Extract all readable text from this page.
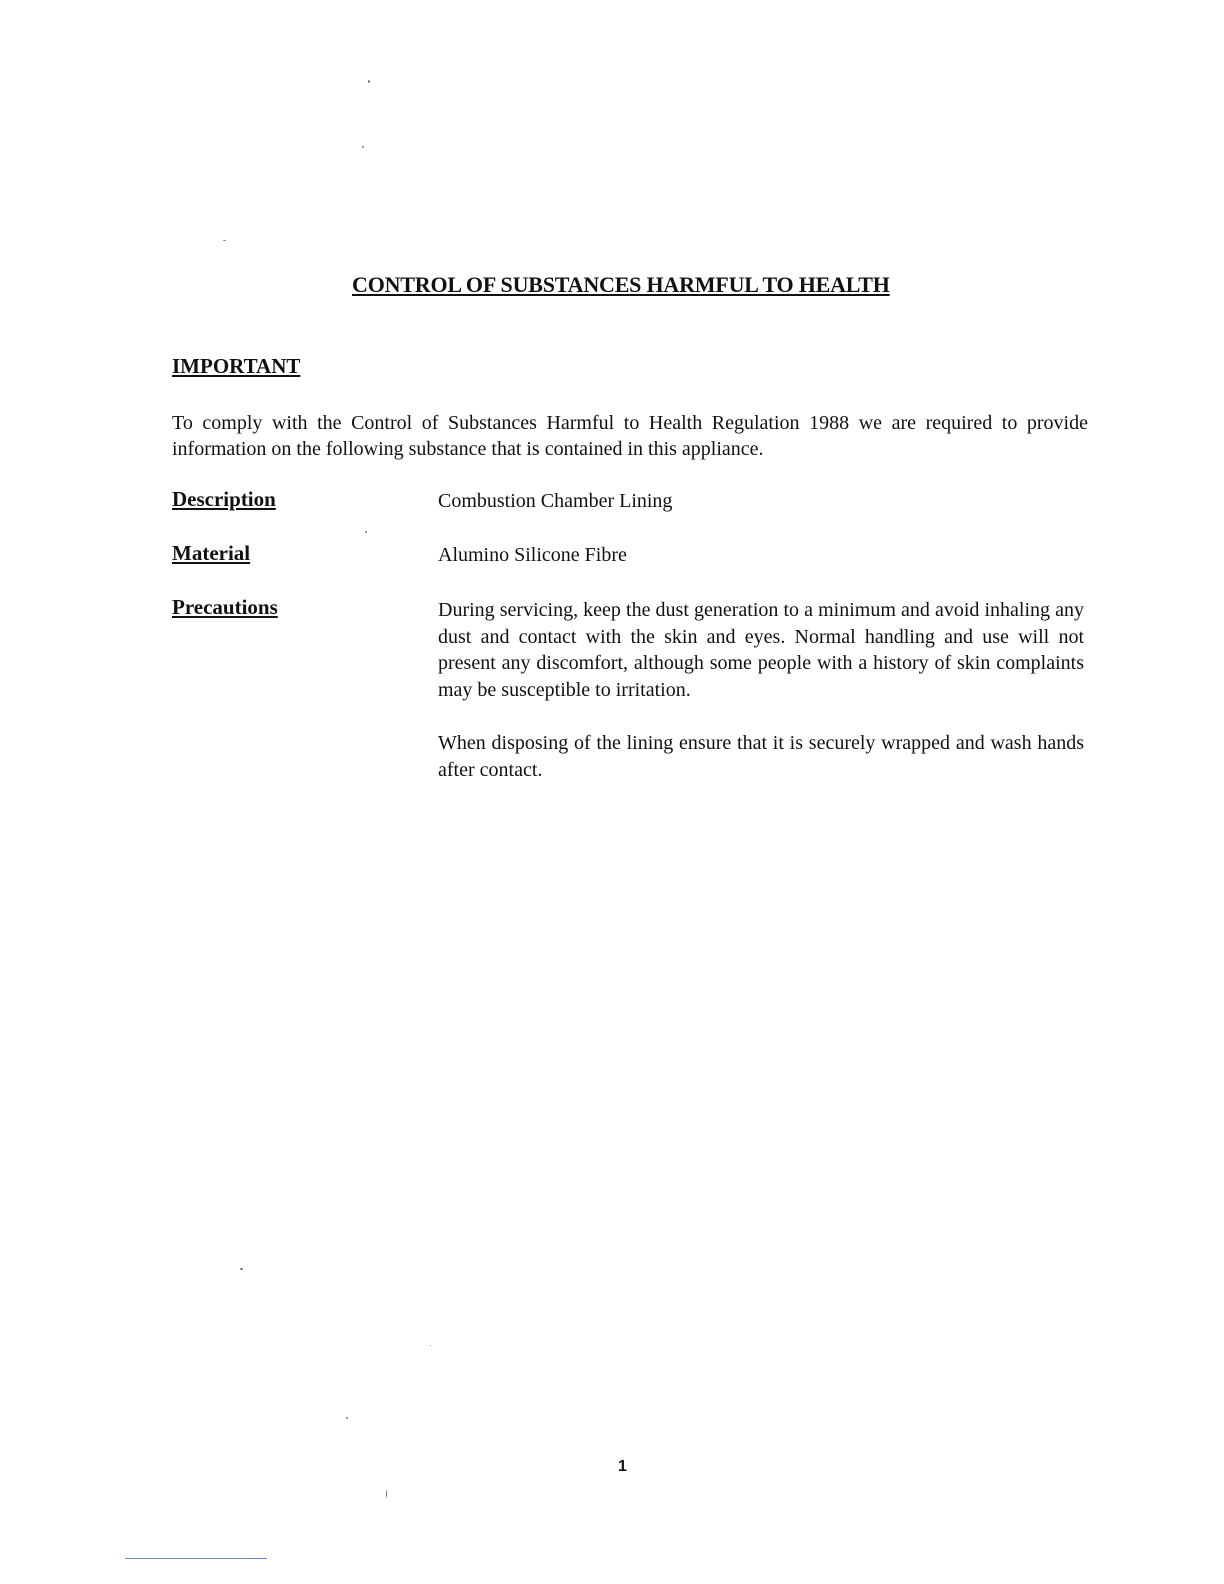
CONTROL OF SUBSTANCES HARMFUL TO HEALTH
IMPORTANT

To comply with the Control of Substances Harmful to Health Regulation 1988 we are required to provide information on the following substance that is contained in this appliance.

Description	Combustion Chamber Lining

Material	Alumino Silicone Fibre

Precautions	During servicing, keep the dust generation to a minimum and avoid inhaling any dust and contact with the skin and eyes. Normal handling and use will not present any discomfort, although some people with a history of skin complaints may be susceptible to irritation.

When disposing of the lining ensure that it is securely wrapped and wash hands after contact.

1
